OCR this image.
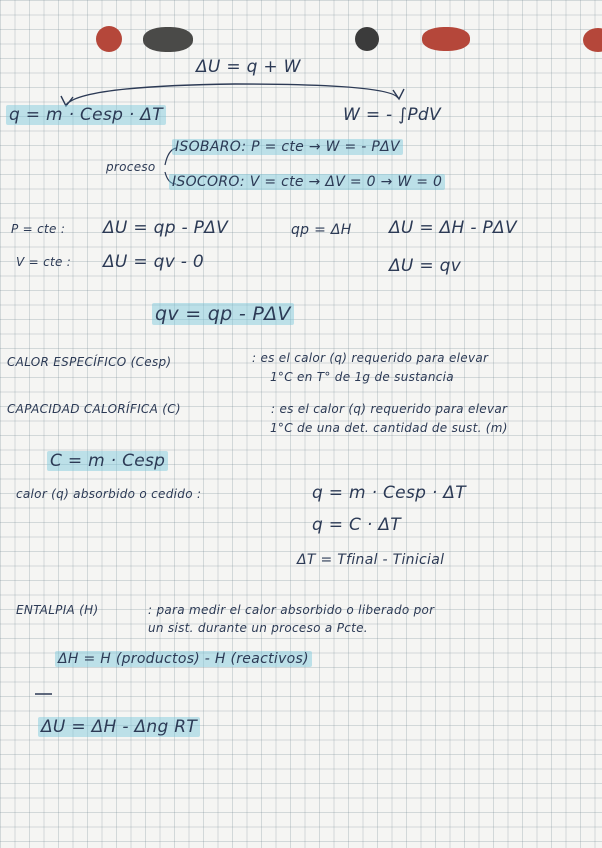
ΔU = q + W
q = m · Cesp · ΔT	W = - ∫PdV
proceso
ISOBARO: P = cte → W = - PΔV
ISOCORO: V = cte → ΔV = 0 → W = 0
P = cte : ΔU = qp - PΔV	qp = ΔH ΔU = ΔH - PΔV
V = cte : ΔU = qv - 0	ΔU = qv
qv = qp - PΔV
CALOR ESPECÍFICO (Cesp)	: es el calor (q) requerido para elevar
1°C en T° de 1g de sustancia
CAPACIDAD CALORÍFICA (C)	: es el calor (q) requerido para elevar
1°C de una det. cantidad de sust. (m)
C = m · Cesp
calor (q) absorbido o cedido :	q = m · Cesp · ΔT
q = C · ΔT
ΔT = Tfinal - Tinicial
ENTALPIA (H)	: para medir el calor absorbido o liberado por
un sist. durante un proceso a Pcte.
ΔH = H (productos) - H (reactivos)
ΔU = ΔH - Δng RT
